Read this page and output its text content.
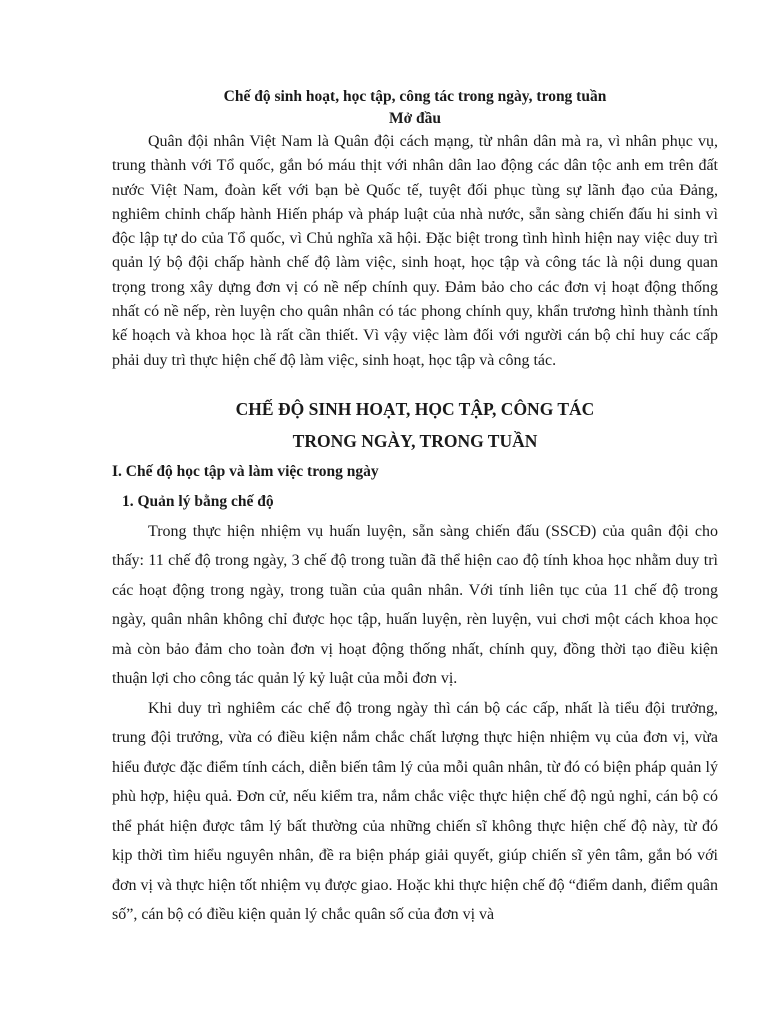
Chế độ sinh hoạt, học tập, công tác trong ngày, trong tuần

Mở đầu

Quân đội nhân Việt Nam là Quân đội cách mạng, từ nhân dân mà ra, vì nhân phục vụ, trung thành với Tổ quốc, gắn bó máu thịt với nhân dân lao động các dân tộc anh em trên đất nước Việt Nam, đoàn kết với bạn bè Quốc tế, tuyệt đối phục tùng sự lãnh đạo của Đảng, nghiêm chỉnh chấp hành Hiến pháp và pháp luật của nhà nước, sẵn sàng chiến đấu hi sinh vì độc lập tự do của Tổ quốc, vì Chủ nghĩa xã hội. Đặc biệt trong tình hình hiện nay việc duy trì quản lý bộ đội chấp hành chế độ làm việc, sinh hoạt, học tập và công tác là nội dung quan trọng trong xây dựng đơn vị có nề nếp chính quy. Đảm bảo cho các đơn vị hoạt động thống nhất có nề nếp, rèn luyện cho quân nhân có tác phong chính quy, khẩn trương hình thành tính kế hoạch và khoa học là rất cần thiết. Vì vậy việc làm đối với người cán bộ chỉ huy các cấp phải duy trì thực hiện chế độ làm việc, sinh hoạt, học tập và công tác.

CHẾ ĐỘ SINH HOẠT, HỌC TẬP, CÔNG TÁC

TRONG NGÀY, TRONG TUẦN

I. Chế độ học tập và làm việc trong ngày

1. Quản lý bằng chế độ

Trong thực hiện nhiệm vụ huấn luyện, sẵn sàng chiến đấu (SSCĐ) của quân đội cho thấy: 11 chế độ trong ngày, 3 chế độ trong tuần đã thể hiện cao độ tính khoa học nhằm duy trì các hoạt động trong ngày, trong tuần của quân nhân. Với tính liên tục của 11 chế độ trong ngày, quân nhân không chỉ được học tập, huấn luyện, rèn luyện, vui chơi một cách khoa học mà còn bảo đảm cho toàn đơn vị hoạt động thống nhất, chính quy, đồng thời tạo điều kiện thuận lợi cho công tác quản lý kỷ luật của mỗi đơn vị.

Khi duy trì nghiêm các chế độ trong ngày thì cán bộ các cấp, nhất là tiểu đội trưởng, trung đội trưởng, vừa có điều kiện nắm chắc chất lượng thực hiện nhiệm vụ của đơn vị, vừa hiểu được đặc điểm tính cách, diễn biến tâm lý của mỗi quân nhân, từ đó có biện pháp quản lý phù hợp, hiệu quả. Đơn cử, nếu kiểm tra, nắm chắc việc thực hiện chế độ ngủ nghỉ, cán bộ có thể phát hiện được tâm lý bất thường của những chiến sĩ không thực hiện chế độ này, từ đó kịp thời tìm hiểu nguyên nhân, đề ra biện pháp giải quyết, giúp chiến sĩ yên tâm, gắn bó với đơn vị và thực hiện tốt nhiệm vụ được giao. Hoặc khi thực hiện chế độ “điểm danh, điểm quân số”, cán bộ có điều kiện quản lý chắc quân số của đơn vị và
